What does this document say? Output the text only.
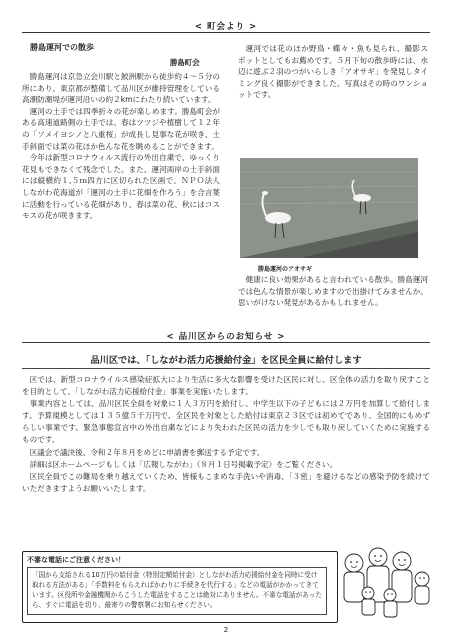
< 町会より >
勝島運河での散歩
勝島町会

勝島運河は京急立会川駅と鮫洲駅から徒歩約４～５分の所にあり、東京都が整備して品川区が維持管理をしている高潮防潮堤が運河沿いの約２kmにわたり続いています。

運河の土手では四季折々の花が楽しめます。勝島町会がある高速道路側の土手では、春はツツジや植樹して１２年の「ソメイヨシノと八重桜」が成長し見事な花が咲き、土手斜面では菜の花ほか色んな花を眺めることができます。

今年は新型コロナウィルス流行の外出自粛で、ゆっくり花見もできなくて残念でした。また、運河両岸の土手斜面には縦横約１,５ｍ四方に区切られた区画で、ＮＰＯ法人しながわ花海道が「運河の土手に花畑を作ろう」を合言葉に活動を行っている花畑があり、春は菜の花、秋にはコスモスの花が咲きます。

運河では花のほか野鳥・蝶々・魚も見られ、撮影スポットとしてもお薦めです。５月下旬の散歩時には、水辺に遊ぶ２羽のつがいらしき「アオサギ」を発見しタイミング良く撮影ができました。写真はその時のワンショットです。

勝島運河のアオサギ

健康に良い効果があると言われている散歩。勝島運河では色んな情景が楽しめますので出掛けてみませんか。思いがけない発見があるかもしれません。

< 品川区からのお知らせ >
品川区では、「しながわ活力応援給付金」を区民全員に給付します

区では、新型コロナウイルス感染症拡大により生活に多大な影響を受けた区民に対し、区全体の活力を取り戻すことを目的として、「しながわ活力応援給付金」事業を実施いたします。

事業内容としては、品川区民全員を対象に１人３万円を給付し、中学生以下の子どもには２万円を加算して給付します。予算規模としては１３５億５千万円で、全区民を対象とした給付は東京２３区では初めてであり、全国的にもめずらしい事業です。緊急事態宣言中の外出自粛などにより失われた区民の活力を少しでも取り戻していくために実施するものです。

区議会で議決後、令和２年８月をめどに申請書を郵送する予定です。

詳細は区ホームページもしくは「広報しながわ」（８月１日号掲載予定）をご覧ください。

区民全員でこの難局を乗り越えていくため、皆様もこまめな手洗いや消毒、「３密」を避けるなどの感染予防を続けていただきますようお願いいたします。

不審な電話にご注意ください！
「国から支給される10万円の給付金（特別定額給付金）としながわ活力応援給付金を同時に受け取れる方法がある」「手数料をもらえればかわりに手続きを代行する」などの電話がかかってきています。区役所や金融機関からこうした電話をすることは絶対にありません。不審な電話があったら、すぐに電話を切り、最寄りの警察署にお知らせください。
2
